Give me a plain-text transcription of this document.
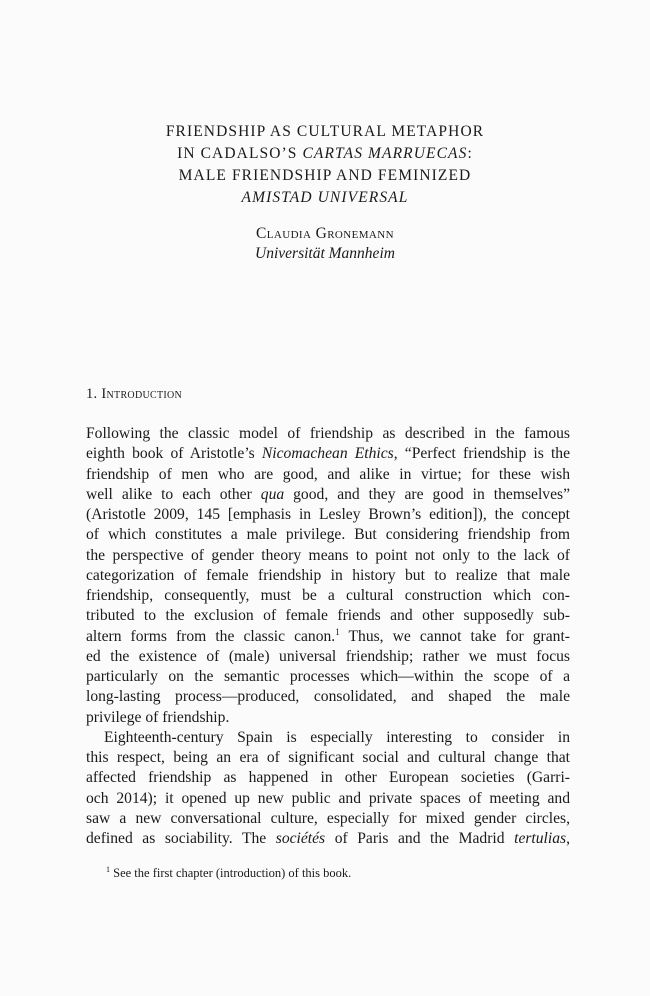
FRIENDSHIP AS CULTURAL METAPHOR
IN CADALSO’S CARTAS MARRUECAS:
MALE FRIENDSHIP AND FEMINIZED
AMISTAD UNIVERSAL
Claudia Gronemann
Universität Mannheim
1. Introduction
Following the classic model of friendship as described in the famous
eighth book of Aristotle’s Nicomachean Ethics, “Perfect friendship is the
friendship of men who are good, and alike in virtue; for these wish
well alike to each other qua good, and they are good in themselves”
(Aristotle 2009, 145 [emphasis in Lesley Brown’s edition]), the concept
of which constitutes a male privilege. But considering friendship from
the perspective of gender theory means to point not only to the lack of
categorization of female friendship in history but to realize that male
friendship, consequently, must be a cultural construction which con-
tributed to the exclusion of female friends and other supposedly sub-
altern forms from the classic canon.$^1$ Thus, we cannot take for grant-
ed the existence of (male) universal friendship; rather we must focus
particularly on the semantic processes which—within the scope of a
long-lasting process—produced, consolidated, and shaped the male
privilege of friendship.
Eighteenth-century Spain is especially interesting to consider in
this respect, being an era of significant social and cultural change that
affected friendship as happened in other European societies (Garri-
och 2014); it opened up new public and private spaces of meeting and
saw a new conversational culture, especially for mixed gender circles,
defined as sociability. The sociétés of Paris and the Madrid tertulias,
$^1$ See the first chapter (introduction) of this book.
